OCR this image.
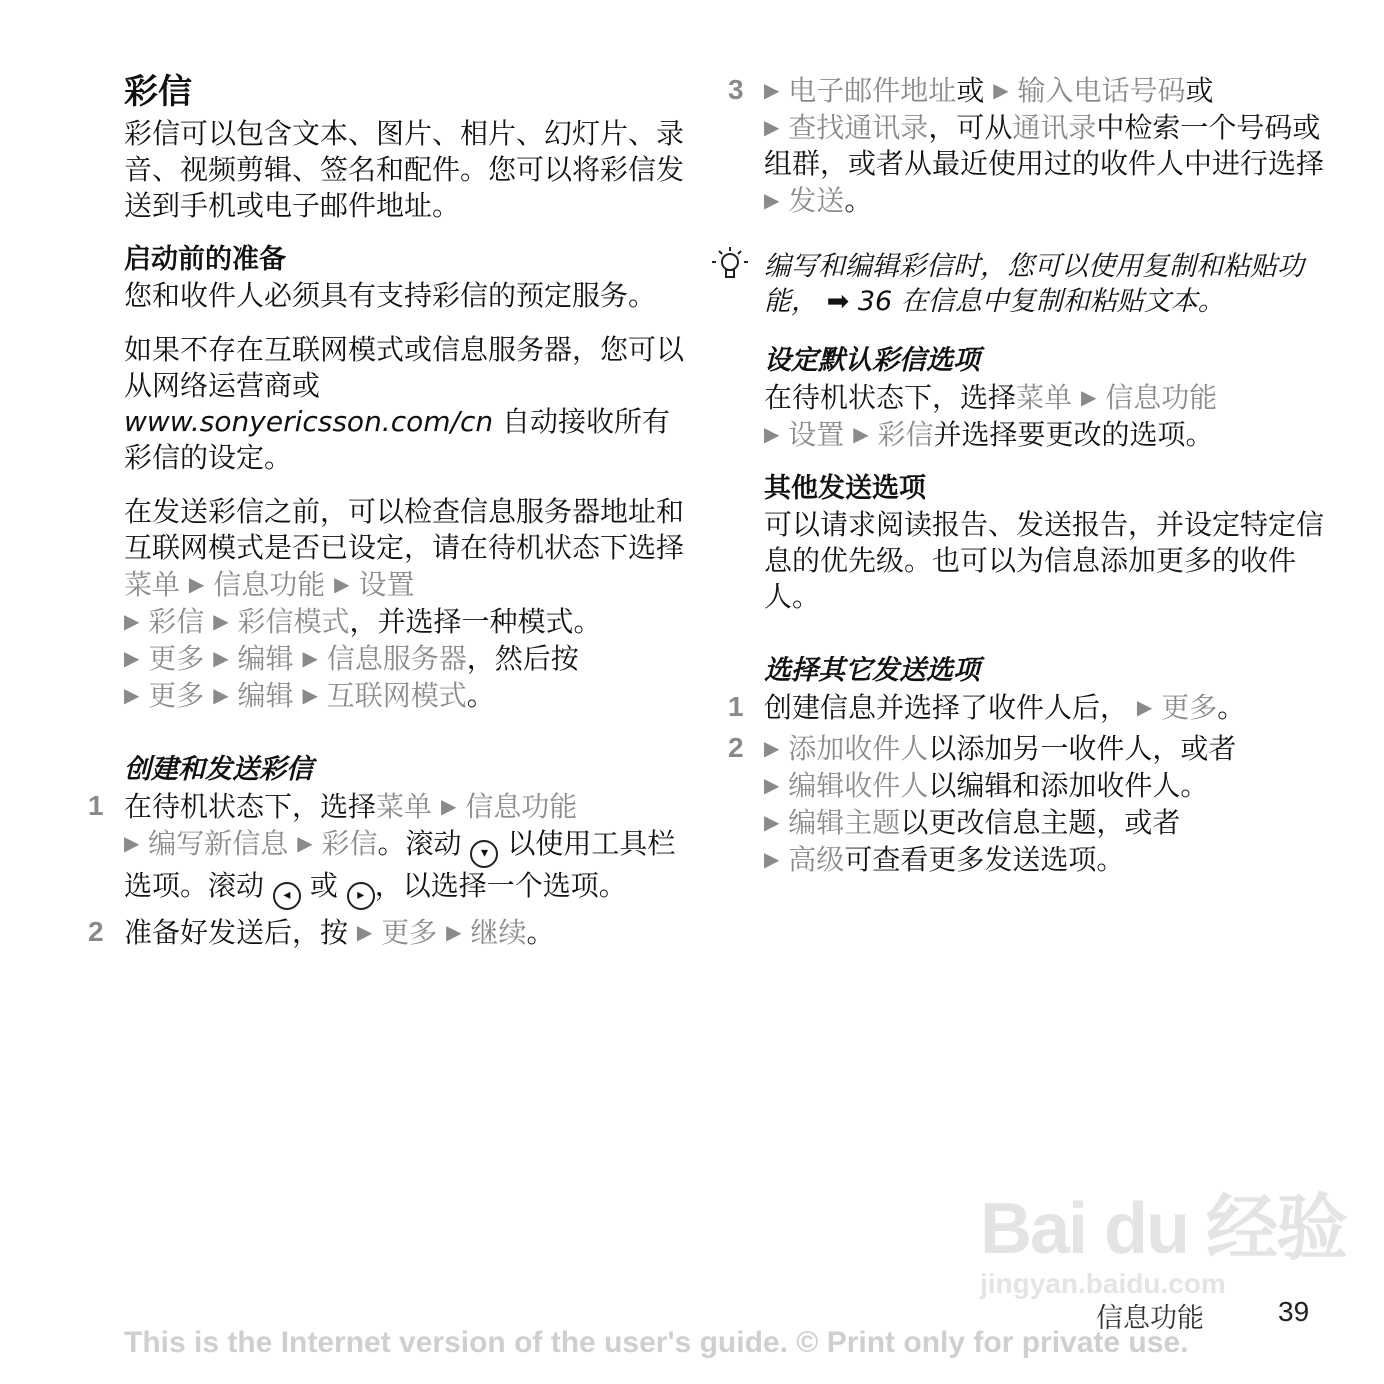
彩信

彩信可以包含文本、图片、相片、幻灯片、录音、视频剪辑、签名和配件。您可以将彩信发送到手机或电子邮件地址。

启动前的准备

您和收件人必须具有支持彩信的预定服务。

如果不存在互联网模式或信息服务器，您可以从网络运营商或www.sonyericsson.com/cn 自动接收所有彩信的设定。

在发送彩信之前，可以检查信息服务器地址和互联网模式是否已设定，请在待机状态下选择菜单 ▶ 信息功能 ▶ 设置
▶ 彩信 ▶ 彩信模式，并选择一种模式。
▶ 更多 ▶ 编辑 ▶ 信息服务器，然后按
▶ 更多 ▶ 编辑 ▶ 互联网模式。

创建和发送彩信
1 在待机状态下，选择菜单 ▶ 信息功能
▶ 编写新信息 ▶ 彩信。滚动 ▾ 以使用工具栏选项。滚动 ◂ 或 ▸ ，以选择一个选项。
2 准备好发送后，按 ▶ 更多 ▶ 继续。
3 ▶ 电子邮件地址或 ▶ 输入电话号码或
▶ 查找通讯录，可从通讯录中检索一个号码或组群，或者从最近使用过的收件人中进行选择 ▶ 发送。
编写和编辑彩信时，您可以使用复制和粘贴功能， ➡ 36 在信息中复制和粘贴文本。
设定默认彩信选项

在待机状态下，选择菜单 ▶ 信息功能
▶ 设置 ▶ 彩信并选择要更改的选项。

其他发送选项

可以请求阅读报告、发送报告，并设定特定信息的优先级。也可以为信息添加更多的收件人。

选择其它发送选项
1 创建信息并选择了收件人后， ▶ 更多。
2 ▶ 添加收件人以添加另一收件人，或者
▶ 编辑收件人以编辑和添加收件人。
▶ 编辑主题以更改信息主题，或者
▶ 高级可查看更多发送选项。
Bai du 经验
jingyan.baidu.com
信息功能	39
This is the Internet version of the user's guide. © Print only for private use.
